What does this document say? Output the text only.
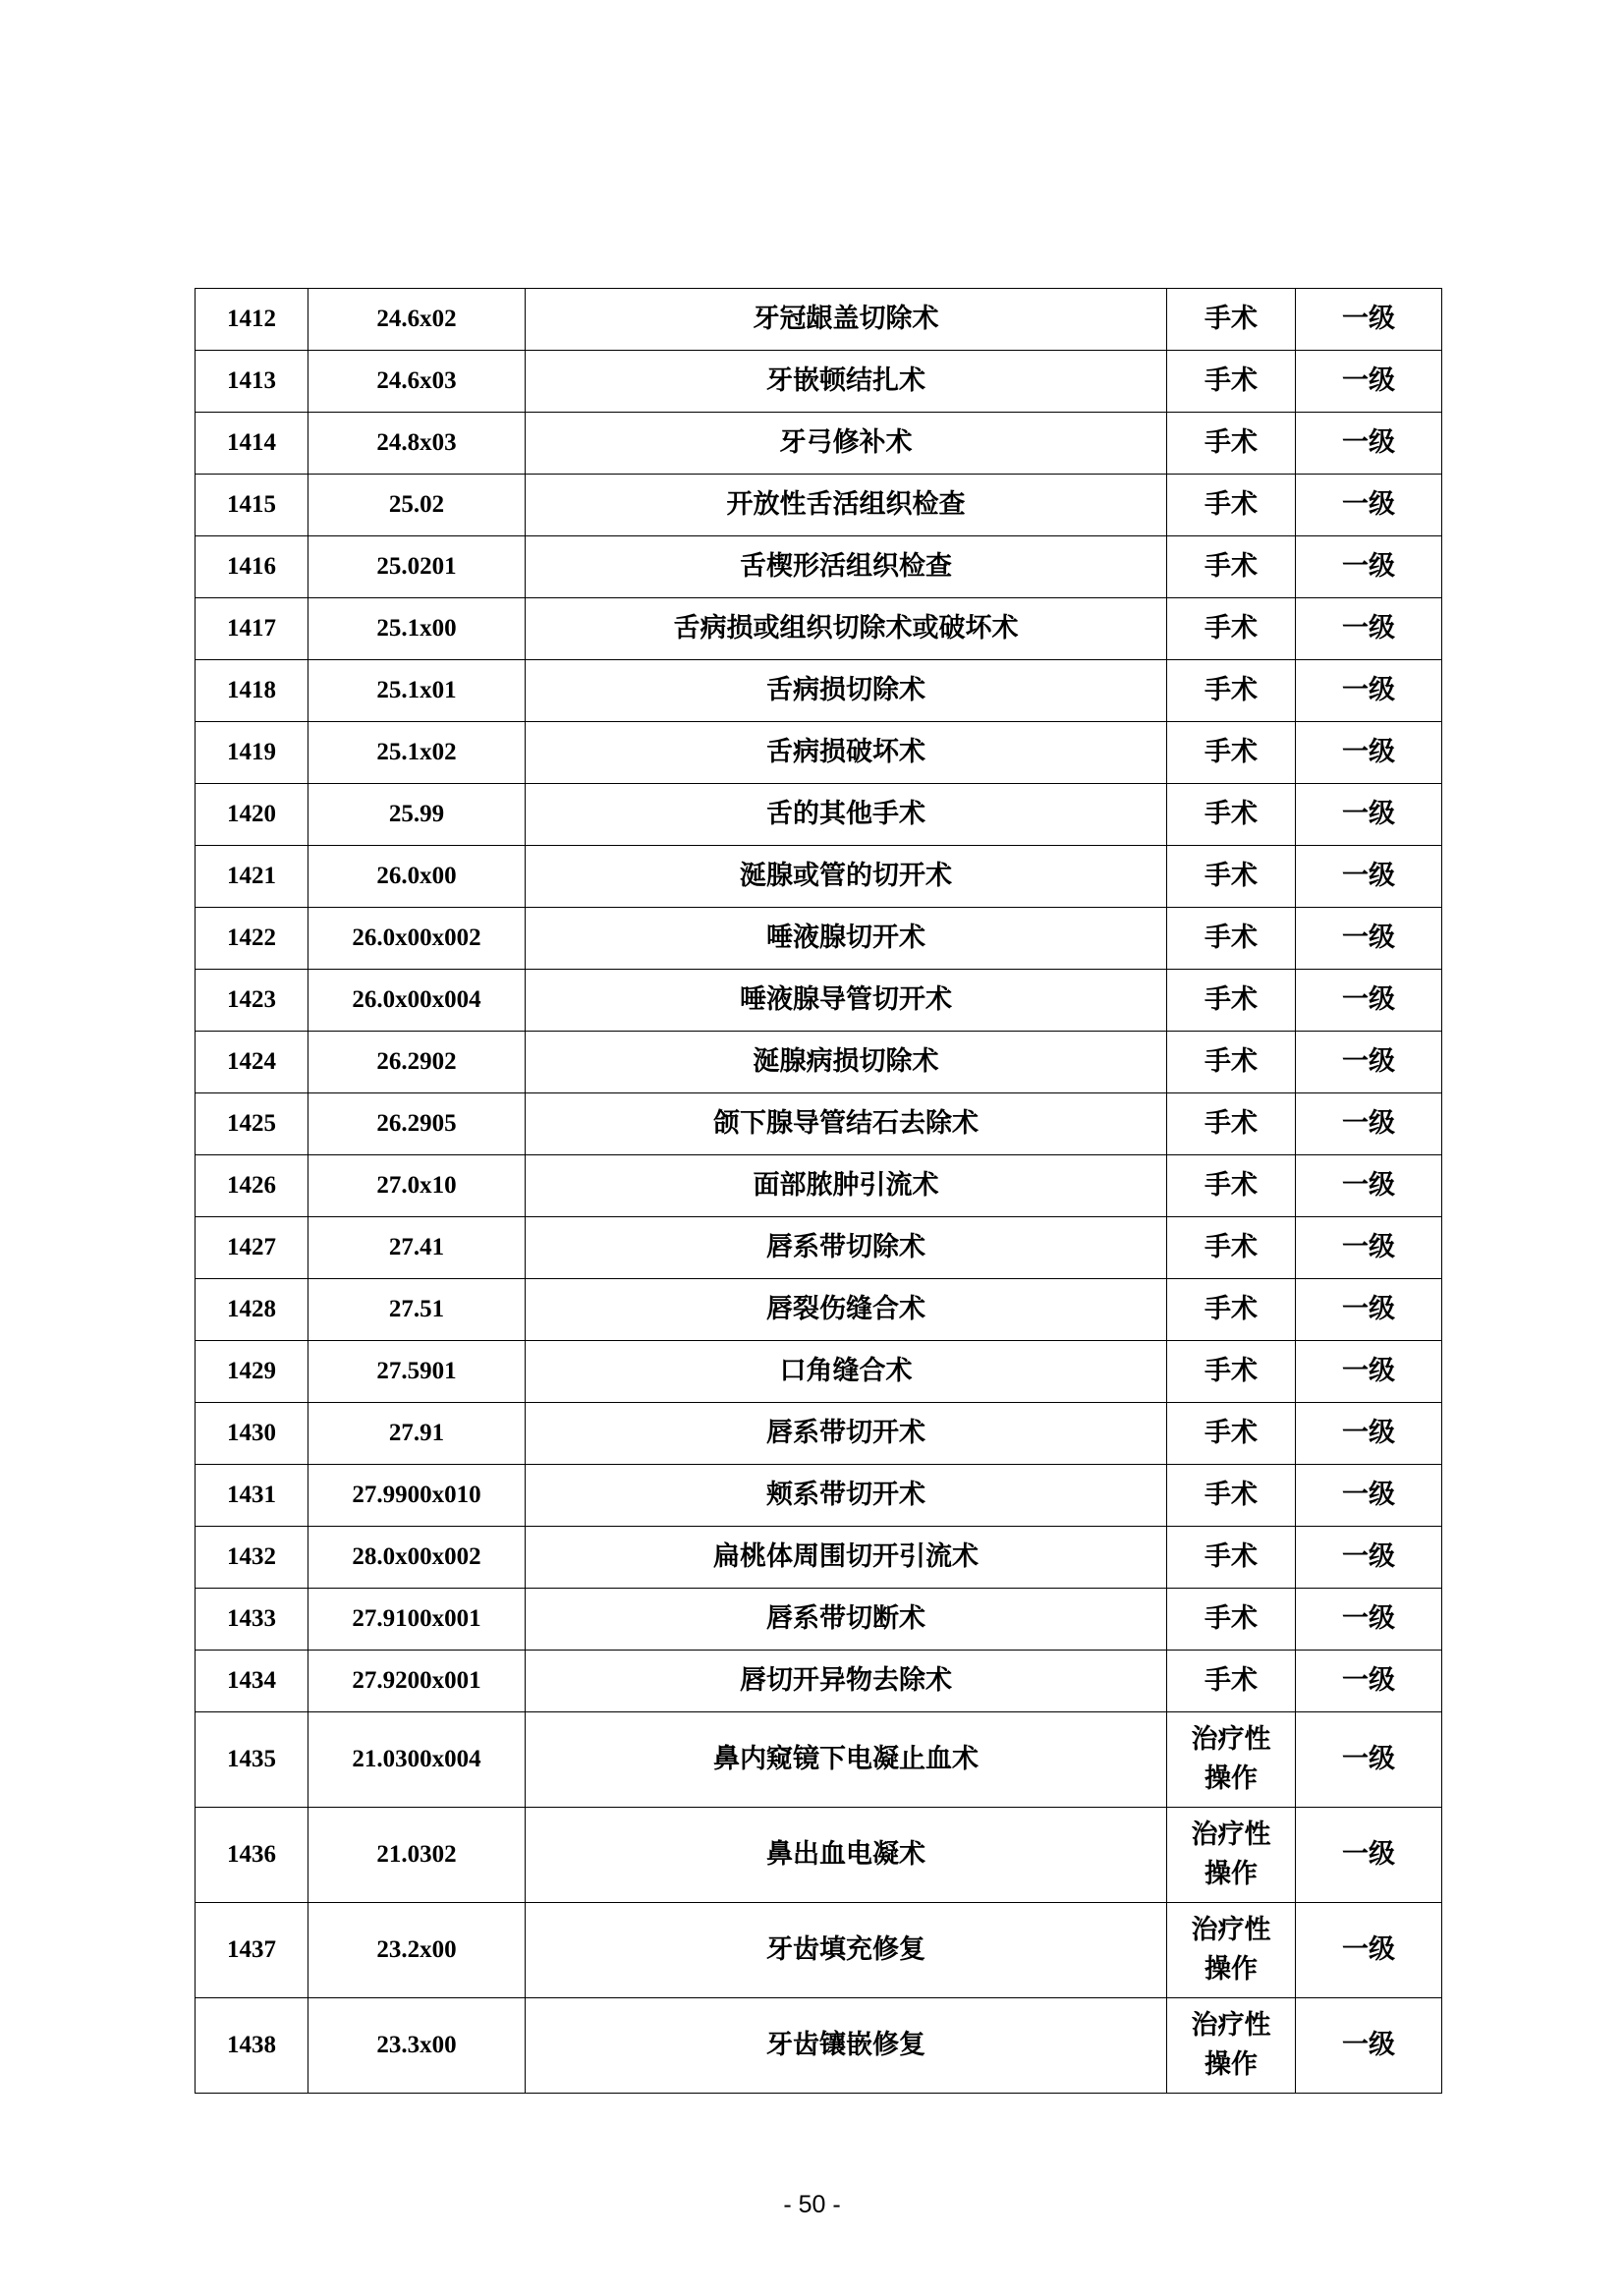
1412	24.6x02	牙冠龈盖切除术	手术	一级
1413	24.6x03	牙嵌顿结扎术	手术	一级
1414	24.8x03	牙弓修补术	手术	一级
1415	25.02	开放性舌活组织检查	手术	一级
1416	25.0201	舌楔形活组织检查	手术	一级
1417	25.1x00	舌病损或组织切除术或破坏术	手术	一级
1418	25.1x01	舌病损切除术	手术	一级
1419	25.1x02	舌病损破坏术	手术	一级
1420	25.99	舌的其他手术	手术	一级
1421	26.0x00	涎腺或管的切开术	手术	一级
1422	26.0x00x002	唾液腺切开术	手术	一级
1423	26.0x00x004	唾液腺导管切开术	手术	一级
1424	26.2902	涎腺病损切除术	手术	一级
1425	26.2905	颌下腺导管结石去除术	手术	一级
1426	27.0x10	面部脓肿引流术	手术	一级
1427	27.41	唇系带切除术	手术	一级
1428	27.51	唇裂伤缝合术	手术	一级
1429	27.5901	口角缝合术	手术	一级
1430	27.91	唇系带切开术	手术	一级
1431	27.9900x010	颊系带切开术	手术	一级
1432	28.0x00x002	扁桃体周围切开引流术	手术	一级
1433	27.9100x001	唇系带切断术	手术	一级
1434	27.9200x001	唇切开异物去除术	手术	一级
1435	21.0300x004	鼻内窥镜下电凝止血术	治疗性操作	一级
1436	21.0302	鼻出血电凝术	治疗性操作	一级
1437	23.2x00	牙齿填充修复	治疗性操作	一级
1438	23.3x00	牙齿镶嵌修复	治疗性操作	一级
- 50 -
